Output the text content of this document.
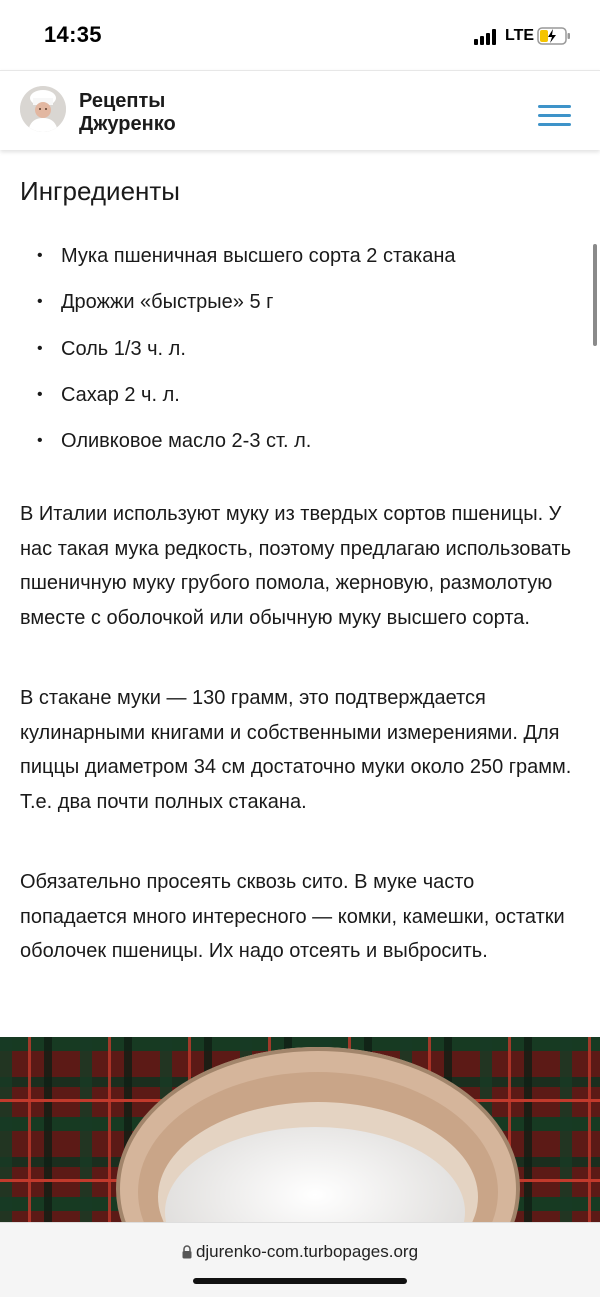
14:35	LTE
Рецепты
Джуренко
Ингредиенты
• Мука пшеничная высшего сорта 2 стакана
• Дрожжи «быстрые» 5 г
• Соль 1/3 ч. л.
• Сахар 2 ч. л.
• Оливковое масло 2-3 ст. л.

В Италии используют муку из твердых сортов пшеницы. У нас такая мука редкость, поэтому предлагаю использовать пшеничную муку грубого помола, жерновую, размолотую вместе с оболочкой или обычную муку высшего сорта.

В стакане муки — 130 грамм, это подтверждается кулинарными книгами и собственными измерениями. Для пиццы диаметром 34 см достаточно муки около 250 грамм. Т.е. два почти полных стакана.

Обязательно просеять сквозь сито. В муке часто попадается много интересного — комки, камешки, остатки оболочек пшеницы. Их надо отсеять и выбросить.

djurenko-com.turbopages.org
